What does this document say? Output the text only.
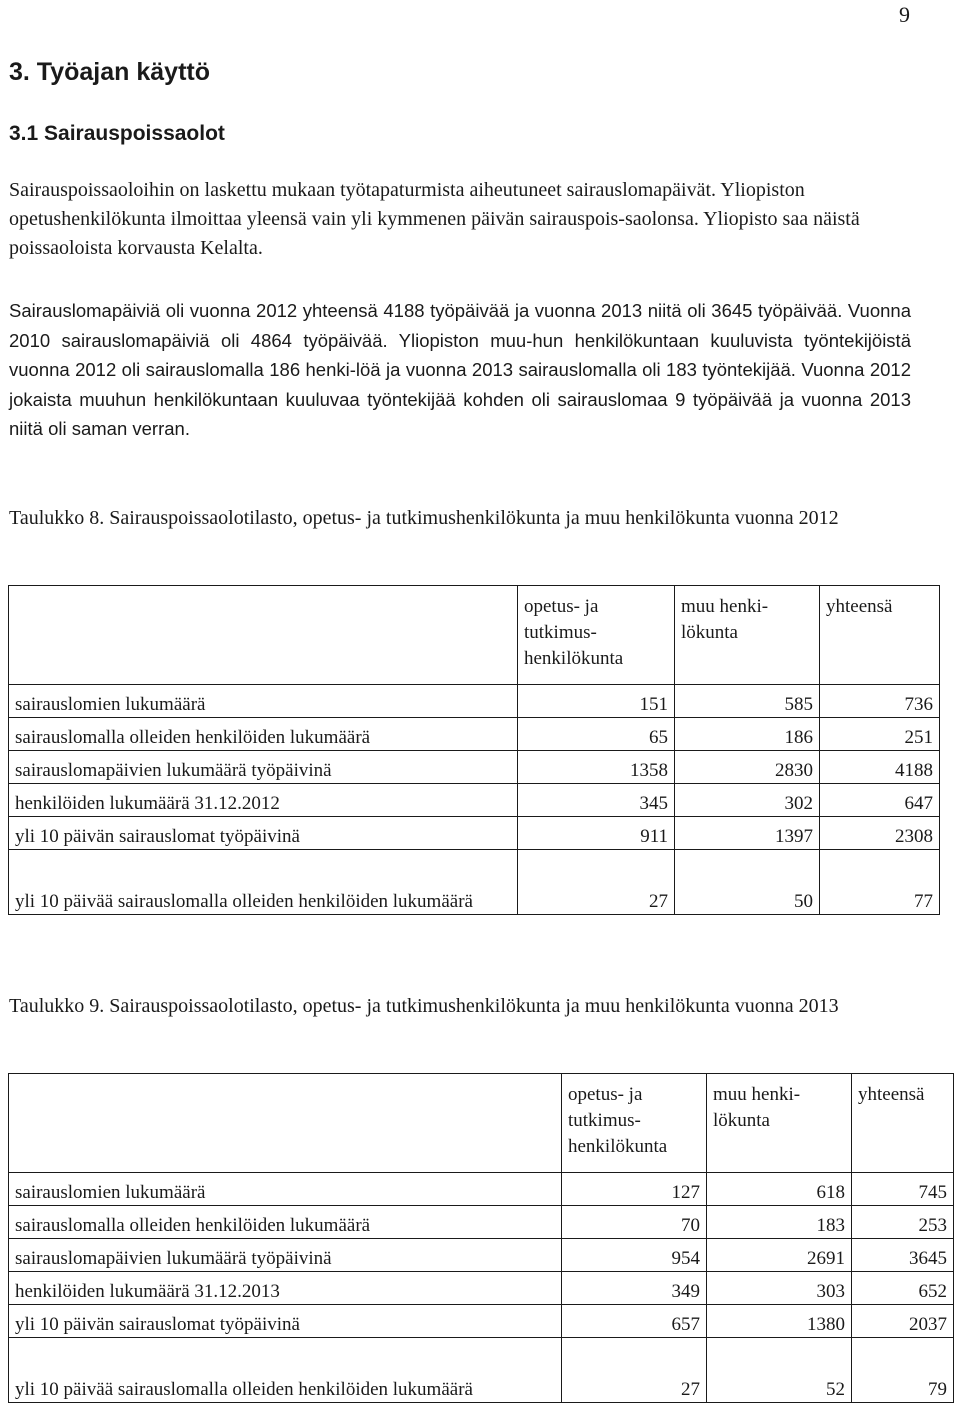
9
3. Työajan käyttö
3.1 Sairauspoissaolot

Sairauspoissaoloihin on laskettu mukaan työtapaturmista aiheutuneet sairauslomapäivät. Yliopiston opetushenkilökunta ilmoittaa yleensä vain yli kymmenen päivän sairauspois-saolonsa. Yliopisto saa näistä poissaoloista korvausta Kelalta.

Sairauslomapäiviä oli vuonna 2012 yhteensä 4188 työpäivää ja vuonna 2013 niitä oli 3645 työpäivää. Vuonna 2010 sairauslomapäiviä oli 4864 työpäivää. Yliopiston muu-hun henkilökuntaan kuuluvista työntekijöistä vuonna 2012 oli sairauslomalla 186 henki-löä ja vuonna 2013 sairauslomalla oli 183 työntekijää. Vuonna 2012 jokaista muuhun henkilökuntaan kuuluvaa työntekijää kohden oli sairauslomaa 9 työpäivää ja vuonna 2013 niitä oli saman verran.

Taulukko 8. Sairauspoissaolotilasto, opetus- ja tutkimushenkilökunta ja muu henkilökunta vuonna 2012
	opetus- ja tutkimus-henkilökunta	muu henki-lökunta	yhteensä
sairauslomien lukumäärä	151	585	736
sairauslomalla olleiden henkilöiden lukumäärä	65	186	251
sairauslomapäivien lukumäärä työpäivinä	1358	2830	4188
henkilöiden lukumäärä 31.12.2012	345	302	647
yli 10 päivän sairauslomat työpäivinä	911	1397	2308
yli 10 päivää sairauslomalla olleiden henkilöiden lukumäärä	27	50	77
Taulukko 9. Sairauspoissaolotilasto, opetus- ja tutkimushenkilökunta ja muu henkilökunta vuonna 2013
	opetus- ja tutkimus-henkilökunta	muu henki-lökunta	yhteensä
sairauslomien lukumäärä	127	618	745
sairauslomalla olleiden henkilöiden lukumäärä	70	183	253
sairauslomapäivien lukumäärä työpäivinä	954	2691	3645
henkilöiden lukumäärä 31.12.2013	349	303	652
yli 10 päivän sairauslomat työpäivinä	657	1380	2037
yli 10 päivää sairauslomalla olleiden henkilöiden lukumäärä	27	52	79
